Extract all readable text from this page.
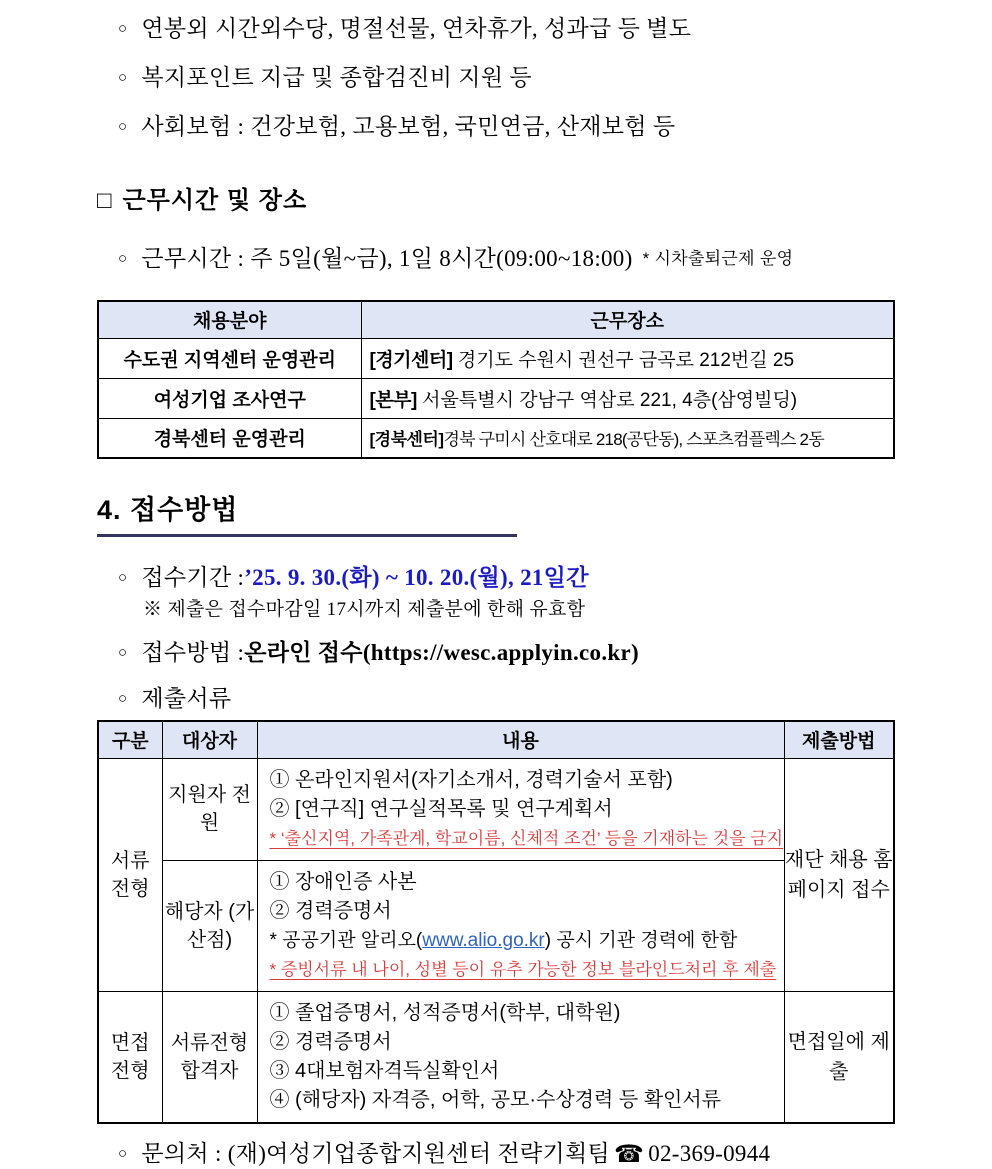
○ 연봉외 시간외수당, 명절선물, 연차휴가, 성과급 등 별도
○ 복지포인트 지급 및 종합검진비 지원 등
○ 사회보험 : 건강보험, 고용보험, 국민연금, 산재보험 등
□ 근무시간 및 장소
○ 근무시간 : 주 5일(월~금), 1일 8시간(09:00~18:00) * 시차출퇴근제 운영
채용분야	근무장소
수도권 지역센터 운영관리	[경기센터] 경기도 수원시 권선구 금곡로 212번길 25
여성기업 조사연구	[본부] 서울특별시 강남구 역삼로 221, 4층(삼영빌딩)
경북센터 운영관리	[경북센터]경북 구미시 산호대로 218(공단동), 스포츠컴플렉스 2동
4. 접수방법
○ 접수기간 : ’25. 9. 30.(화) ~ 10. 20.(월), 21일간
※ 제출은 접수마감일 17시까지 제출분에 한해 유효함
○ 접수방법 : 온라인 접수(https://wesc.applyin.co.kr)
○ 제출서류
구분	대상자	내용	제출방법
서류 전형	지원자 전원	① 온라인지원서(자기소개서, 경력기술서 포함)
② [연구직] 연구실적목록 및 연구계획서
* ‘출신지역, 가족관계, 학교이름, 신체적 조건’ 등을 기재하는 것을 금지	재단 채용 홈페이지 접수
	해당자 (가산점)	① 장애인증 사본
② 경력증명서
* 공공기관 알리오(www.alio.go.kr) 공시 기관 경력에 한함
* 증빙서류 내 나이, 성별 등이 유추 가능한 정보 블라인드처리 후 제출	

면접 전형	서류전형 합격자	① 졸업증명서, 성적증명서(학부, 대학원)
② 경력증명서
③ 4대보험자격득실확인서
④ (해당자) 자격증, 어학, 공모·수상경력 등 확인서류	면접일에 제출
○ 문의처 : (재)여성기업종합지원센터 전략기획팀 ☎ 02-369-0944
